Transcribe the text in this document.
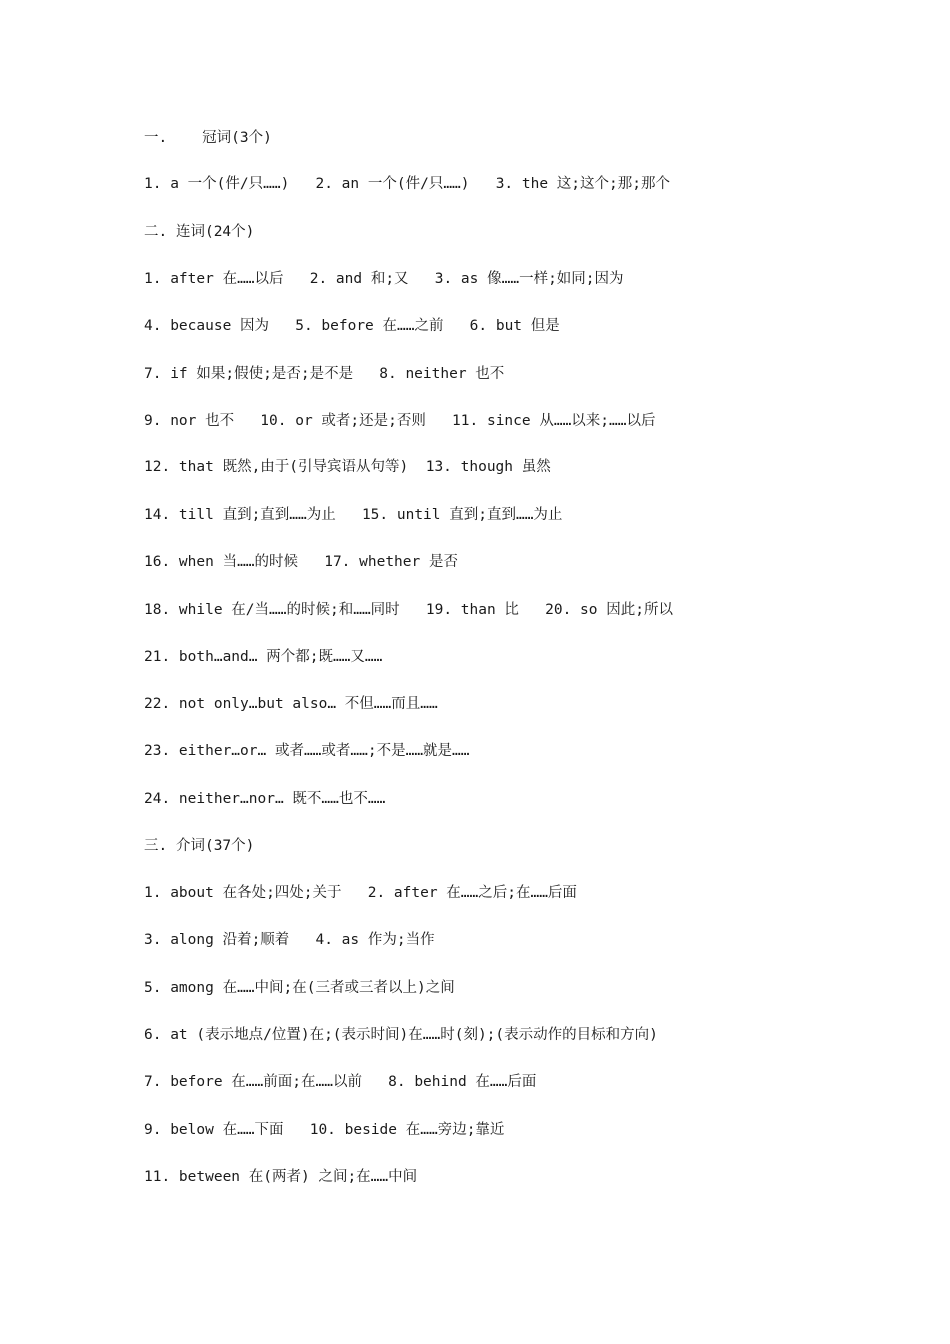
一.    冠词(3个)
1. a 一个(件/只……)   2. an 一个(件/只……)   3. the 这;这个;那;那个
二. 连词(24个)
1. after 在……以后   2. and 和;又   3. as 像……一样;如同;因为
4. because 因为   5. before 在……之前   6. but 但是
7. if 如果;假使;是否;是不是   8. neither 也不
9. nor 也不   10. or 或者;还是;否则   11. since 从……以来;……以后
12. that 既然,由于(引导宾语从句等)  13. though 虽然
14. till 直到;直到……为止   15. until 直到;直到……为止
16. when 当……的时候   17. whether 是否
18. while 在/当……的时候;和……同时   19. than 比   20. so 因此;所以
21. both…and… 两个都;既……又……
22. not only…but also… 不但……而且……
23. either…or… 或者……或者……;不是……就是……
24. neither…nor… 既不……也不……
三. 介词(37个)
1. about 在各处;四处;关于   2. after 在……之后;在……后面
3. along 沿着;顺着   4. as 作为;当作
5. among 在……中间;在(三者或三者以上)之间
6. at (表示地点/位置)在;(表示时间)在……时(刻);(表示动作的目标和方向)
7. before 在……前面;在……以前   8. behind 在……后面
9. below 在……下面   10. beside 在……旁边;靠近
11. between 在(两者) 之间;在……中间
